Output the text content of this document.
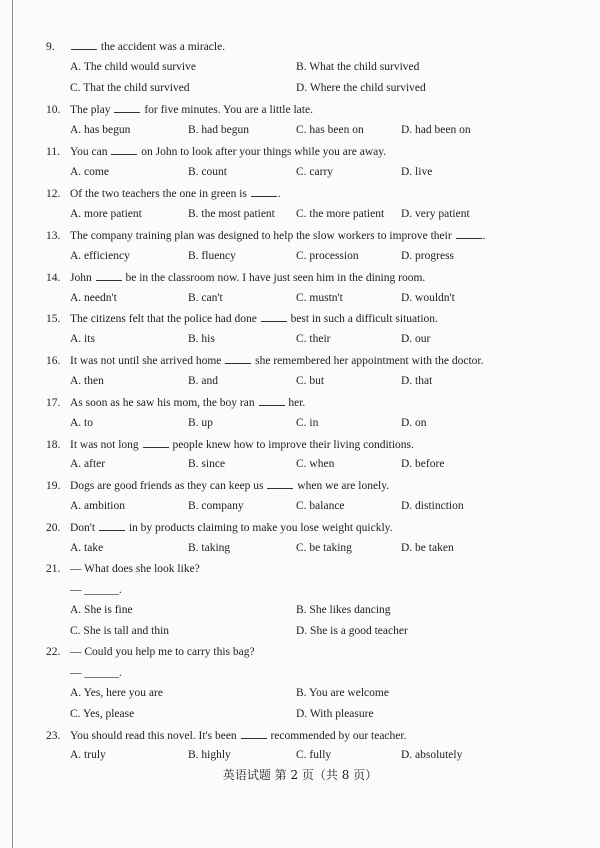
9.	the accident was a miracle.
A. The child would survive	B. What the child survived
C. That the child survived	D. Where the child survived
10. The play	for five minutes. You are a little late.
A. has begun	B. had begun	C. has been on	D. had been on
11. You can	on John to look after your things while you are away.
A. come	B. count	C. carry	D. live
12. Of the two teachers the one in green is	.
A. more patient	B. the most patient C. the more patient D. very patient
13. The company training plan was designed to help the slow workers to improve their	.
A. efficiency	B. fluency	C. procession	D. progress
14. John	be in the classroom now. I have just seen him in the dining room.
A. needn't	B. can't	C. mustn't	D. wouldn't
15. The citizens felt that the police had done	best in such a difficult situation.
A. its	B. his	C. their	D. our
16. It was not until she arrived home	she remembered her appointment with the doctor.
A. then	B. and	C. but	D. that
17. As soon as he saw his mom, the boy ran	her.
A. to	B. up	C. in	D. on
18. It was not long	people knew how to improve their living conditions.
A. after	B. since	C. when	D. before
19. Dogs are good friends as they can keep us	when we are lonely.
A. ambition	B. company	C. balance	D. distinction
20. Don't	in by products claiming to make you lose weight quickly.
A. take	B. taking	C. be taking	D. be taken
21. — What does she look like?
— ______.
A. She is fine	B. She likes dancing
C. She is tall and thin	D. She is a good teacher
22. — Could you help me to carry this bag?
— ______.
A. Yes, here you are	B. You are welcome
C. Yes, please	D. With pleasure
23. You should read this novel. It's been	recommended by our teacher.
A. truly	B. highly	C. fully	D. absolutely
英语试题 第 2 页（共 8 页）
